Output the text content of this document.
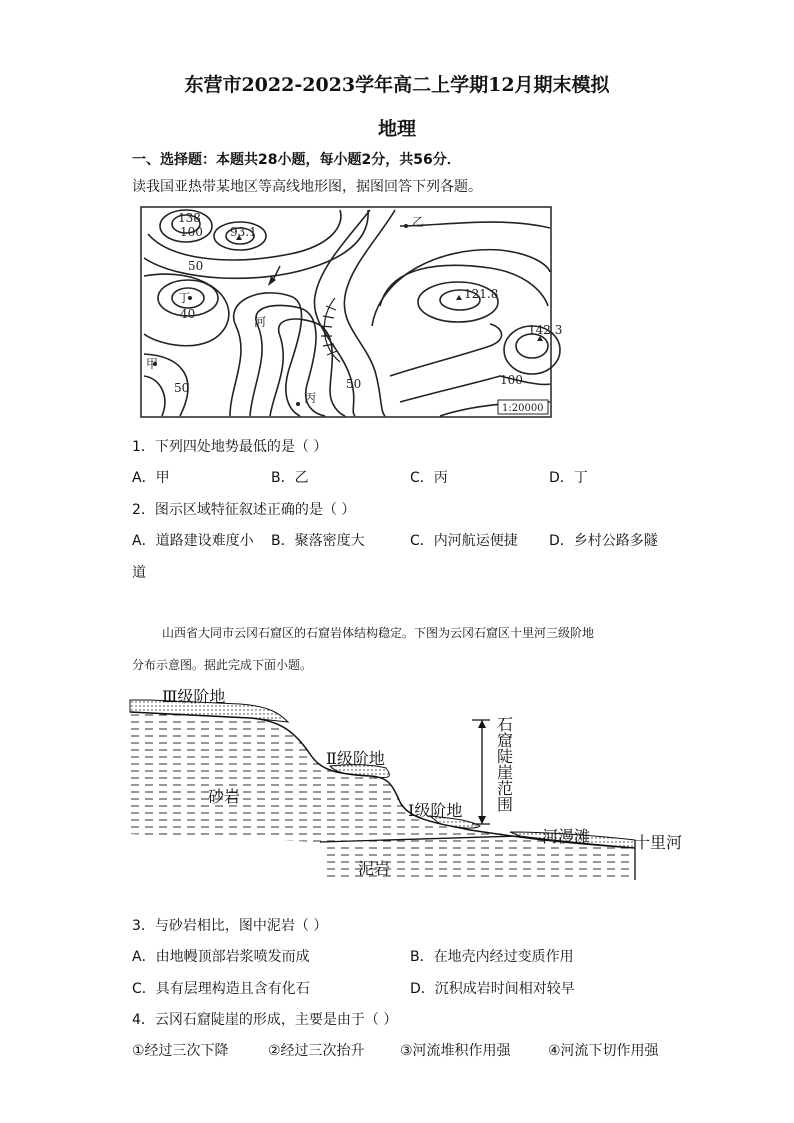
东营市2022-2023学年高二上学期12月期末模拟
地理
一、选择题：本题共28小题，每小题2分，共56分．
读我国亚热带某地区等高线地形图，据图回答下列各题。
乙
丁
甲
丙
河
100
138
93.1
50
40
50	50
121.8
142.3
100
1:20000
1．下列四处地势最低的是（ ）
A．甲	B．乙	C．丙	D．丁
2．图示区域特征叙述正确的是（ ）
A．道路建设难度小 B．聚落密度大	C．内河航运便捷 D．乡村公路多隧
道
山西省大同市云冈石窟区的石窟岩体结构稳定。下图为云冈石窟区十里河三级阶地
分布示意图。据此完成下面小题。
Ⅲ级阶地
Ⅱ级阶地
Ⅰ级阶地
砂岩
泥岩
河漫滩	十里河
石窟陡崖范围
3．与砂岩相比，图中泥岩（ ）
A．由地幔顶部岩浆喷发而成	B．在地壳内经过变质作用
C．具有层理构造且含有化石	D．沉积成岩时间相对较早
4．云冈石窟陡崖的形成，主要是由于（ ）
①经过三次下降	②经过三次抬升	③河流堆积作用强	④河流下切作用强
